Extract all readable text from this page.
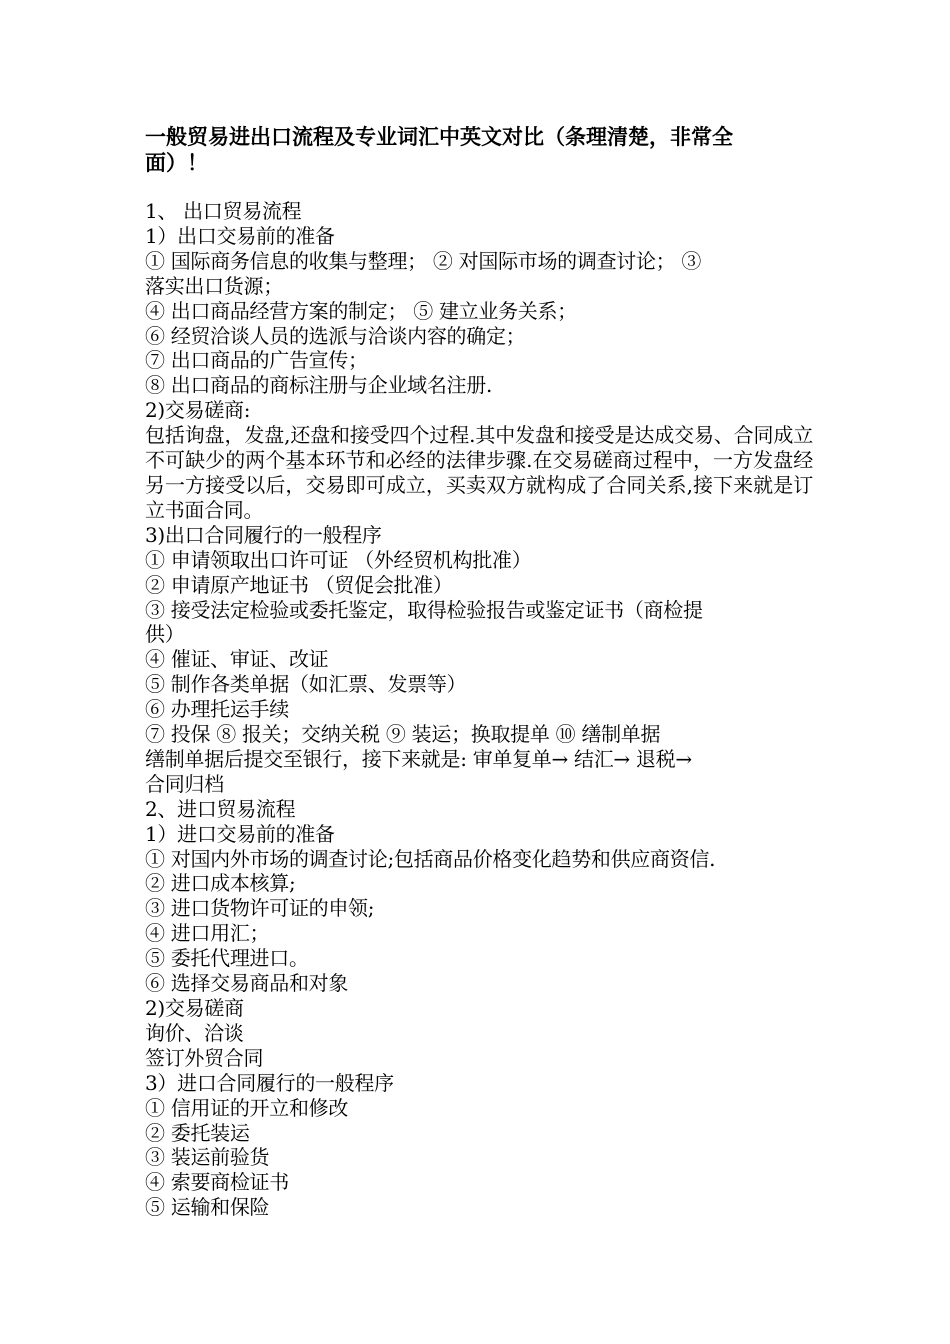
一般贸易进出口流程及专业词汇中英文对比（条理清楚，非常全面）！
1、 出口贸易流程
1）出口交易前的准备
① 国际商务信息的收集与整理； ② 对国际市场的调查讨论； ③
落实出口货源；
④ 出口商品经营方案的制定； ⑤ 建立业务关系；
⑥ 经贸洽谈人员的选派与洽谈内容的确定；
⑦ 出口商品的广告宣传；
⑧ 出口商品的商标注册与企业域名注册.
2)交易磋商:
包括询盘，发盘,还盘和接受四个过程.其中发盘和接受是达成交易、合同成立不可缺少的两个基本环节和必经的法律步骤.在交易磋商过程中，一方发盘经另一方接受以后，交易即可成立，买卖双方就构成了合同关系,接下来就是订立书面合同。
3)出口合同履行的一般程序
① 申请领取出口许可证 （外经贸机构批准）
② 申请原产地证书 （贸促会批准）
③ 接受法定检验或委托鉴定，取得检验报告或鉴定证书（商检提
供）
④ 催证、审证、改证
⑤ 制作各类单据（如汇票、发票等）
⑥ 办理托运手续
⑦ 投保 ⑧ 报关；交纳关税 ⑨ 装运；换取提单 ⑩ 缮制单据
缮制单据后提交至银行，接下来就是: 审单复单→ 结汇→ 退税→
合同归档
2、进口贸易流程
1）进口交易前的准备
① 对国内外市场的调查讨论;包括商品价格变化趋势和供应商资信.
② 进口成本核算;
③ 进口货物许可证的申领;
④ 进口用汇；
⑤ 委托代理进口。
⑥ 选择交易商品和对象
2)交易磋商
询价、洽谈
签订外贸合同
3）进口合同履行的一般程序
① 信用证的开立和修改
② 委托装运
③ 装运前验货
④ 索要商检证书
⑤ 运输和保险
